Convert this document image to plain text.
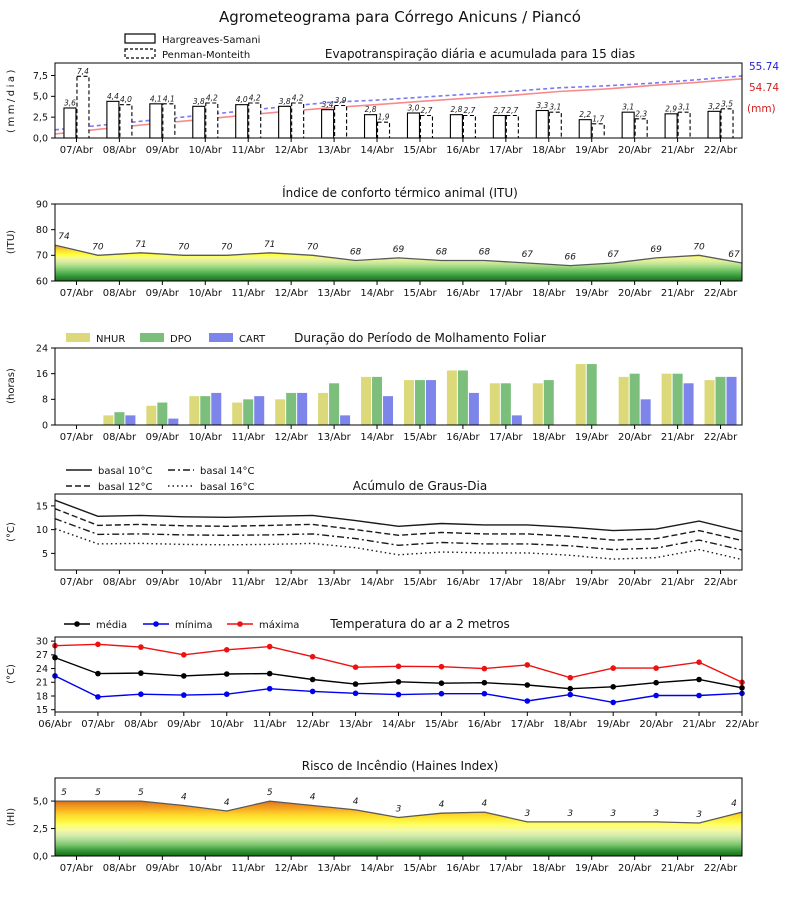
Agrometeograma para Córrego Anicuns / Piancó
Hargreaves-Samani
Penman-Monteith	Evapotranspiração diária e acumulada para 15 dias
(mm/dia)
55.74
54.74
(mm)
3,6
7,4
4,4 4,0 4,1 4,1 3,8 4,2 4,0 4,2 3,8 4,2
3,4 3,9
2,8
1,9
3,0 2,7 2,8 2,7 2,7 2,7
3,3 3,1
2,2 1,7
3,1
2,3
2,9 3,1 3,2 3,5
0,0
2,5
5,0
7,5
07/Abr 08/Abr 09/Abr 10/Abr 11/Abr 12/Abr 13/Abr 14/Abr 15/Abr 16/Abr 17/Abr 18/Abr 19/Abr 20/Abr 21/Abr 22/Abr
Índice de conforto térmico animal (ITU)
(ITU)
60
70
80
90
07/Abr 08/Abr 09/Abr 10/Abr 11/Abr 12/Abr 13/Abr 14/Abr 15/Abr 16/Abr 17/Abr 18/Abr 19/Abr 20/Abr 21/Abr 22/Abr
74
70	71	70	70	71	70
68	69	68	68	67	66	67
69	70
67
NHUR	DPO	CART Duração do Período de Molhamento Foliar
(horas)
0
8
16
24
07/Abr 08/Abr 09/Abr 10/Abr 11/Abr 12/Abr 13/Abr 14/Abr 15/Abr 16/Abr 17/Abr 18/Abr 19/Abr 20/Abr 21/Abr 22/Abr
basal 10°C
basal 12°C
basal 14°C
basal 16°C	Acúmulo de Graus-Dia
(°C)
5
10
15
07/Abr 08/Abr 09/Abr 10/Abr 11/Abr 12/Abr 13/Abr 14/Abr 15/Abr 16/Abr 17/Abr 18/Abr 19/Abr 20/Abr 21/Abr 22/Abr
média	mínima	máxima	Temperatura do ar a 2 metros
(°C)
15
18
21
24
27
30
06/Abr 07/Abr 08/Abr 09/Abr 10/Abr 11/Abr 12/Abr 13/Abr 14/Abr 15/Abr 16/Abr 17/Abr 18/Abr 19/Abr 20/Abr 21/Abr 22/Abr
Risco de Incêndio (Haines Index)
(HI)
0,0
2,5
5,0
07/Abr 08/Abr 09/Abr 10/Abr 11/Abr 12/Abr 13/Abr 14/Abr 15/Abr 16/Abr 17/Abr 18/Abr 19/Abr 20/Abr 21/Abr 22/Abr
5	5	5	4
4
5	4	4
3	4	4
3	3	3	3	3
4
